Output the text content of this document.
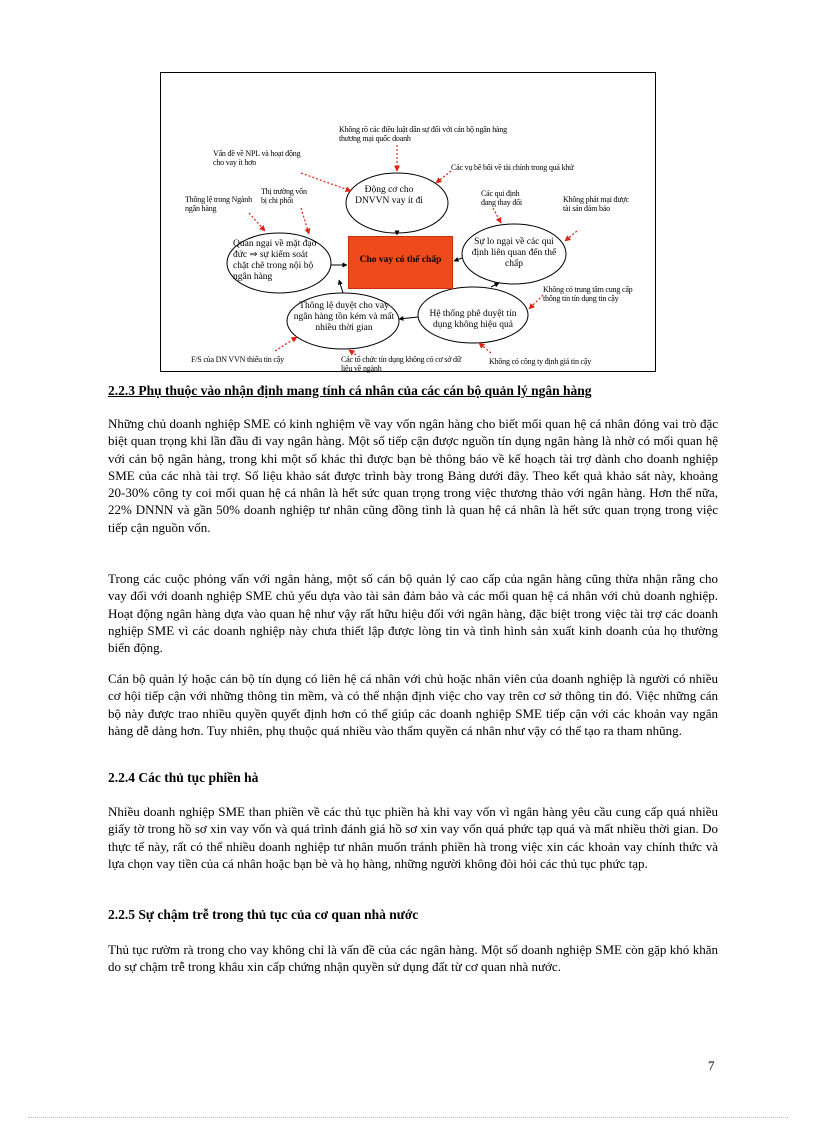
Cho vay có thế chấp
Động cơ cho DNVVN vay ít đi
Quan ngại về mặt đạo đức ⇒ sự kiểm soát chặt chẽ trong nội bộ ngân hàng
Sự lo ngại về các qui định liên quan đến thế chấp
Thông lệ duyệt cho vay ngân hàng tồn kém và mất nhiều thời gian
Hệ thống phê duyệt tín dụng không hiệu quả
Không rõ các điều luật dân sự đối với cán bộ ngân hàng thương mại quốc doanh
Vấn đề về NPL và hoạt động cho vay ít hơn
Các vụ bê bối về tài chính trong quá khứ
Thông lệ trong Ngành ngân hàng
Thị trường vốn bị chi phối
Các qui định đang thay đổi	Không phát mại được tài sản đảm bảo
Không có trung tâm cung cấp thông tin tín dụng tin cậy
F/S của DN VVN thiếu tin cậy	Các tổ chức tín dụng không có cơ sở dữ liệu về ngành
Không có công ty định giá tin cậy
2.2.3 Phụ thuộc vào nhận định mang tính cá nhân của các cán bộ quản lý ngân hàng

Những chủ doanh nghiệp SME có kinh nghiệm về vay vốn ngân hàng cho biết mối quan hệ cá nhân đóng vai trò đặc biệt quan trọng khi lần đầu đi vay ngân hàng. Một số tiếp cận được nguồn tín dụng ngân hàng là nhờ có mối quan hệ với cán bộ ngân hàng, trong khi một số khác thì được bạn bè thông báo về kế hoạch tài trợ dành cho doanh nghiệp SME của các nhà tài trợ. Số liệu khảo sát được trình bày trong Bảng dưới đây. Theo kết quả khảo sát này, khoảng 20-30% công ty coi mối quan hệ cá nhân là hết sức quan trọng trong việc thương thảo với ngân hàng. Hơn thế nữa, 22% DNNN và gần 50% doanh nghiệp tư nhân cũng đồng tình là quan hệ cá nhân là hết sức quan trọng trong việc tiếp cận nguồn vốn.

Trong các cuộc phỏng vấn với ngân hàng, một số cán bộ quản lý cao cấp của ngân hàng cũng thừa nhận rằng cho vay đối với doanh nghiệp SME chủ yếu dựa vào tài sản đảm bảo và các mối quan hệ cá nhân với chủ doanh nghiệp. Hoạt động ngân hàng dựa vào quan hệ như vậy rất hữu hiệu đối với ngân hàng, đặc biệt trong việc tài trợ các doanh nghiệp SME vì các doanh nghiệp này chưa thiết lập được lòng tin và tình hình sản xuất kinh doanh của họ thường biến động.

Cán bộ quản lý hoặc cán bộ tín dụng có liên hệ cá nhân với chủ hoặc nhân viên của doanh nghiệp là người có nhiều cơ hội tiếp cận với những thông tin mềm, và có thể nhận định việc cho vay trên cơ sở thông tin đó. Việc những cán bộ này được trao nhiều quyền quyết định hơn có thể giúp các doanh nghiệp SME tiếp cận với các khoản vay ngân hàng dễ dàng hơn. Tuy nhiên, phụ thuộc quá nhiều vào thẩm quyền cá nhân như vậy có thể tạo ra tham nhũng.

2.2.4 Các thủ tục phiền hà

Nhiều doanh nghiệp SME than phiền về các thủ tục phiền hà khi vay vốn vì ngân hàng yêu cầu cung cấp quá nhiều giấy tờ trong hồ sơ xin vay vốn và quá trình đánh giá hồ sơ xin vay vốn quá phức tạp quá và mất nhiều thời gian. Do thực tế này, rất có thể nhiều doanh nghiệp tư nhân muốn tránh phiền hà trong việc xin các khoản vay chính thức và lựa chọn vay tiền của cá nhân hoặc bạn bè và họ hàng, những người không đòi hỏi các thủ tục phức tạp.

2.2.5 Sự chậm trễ trong thủ tục của cơ quan nhà nước

Thủ tục rườm rà trong cho vay không chỉ là vấn đề của các ngân hàng. Một số doanh nghiệp SME còn gặp khó khăn do sự chậm trễ trong khâu xin cấp chứng nhận quyền sử dụng đất từ cơ quan nhà nước.

7
